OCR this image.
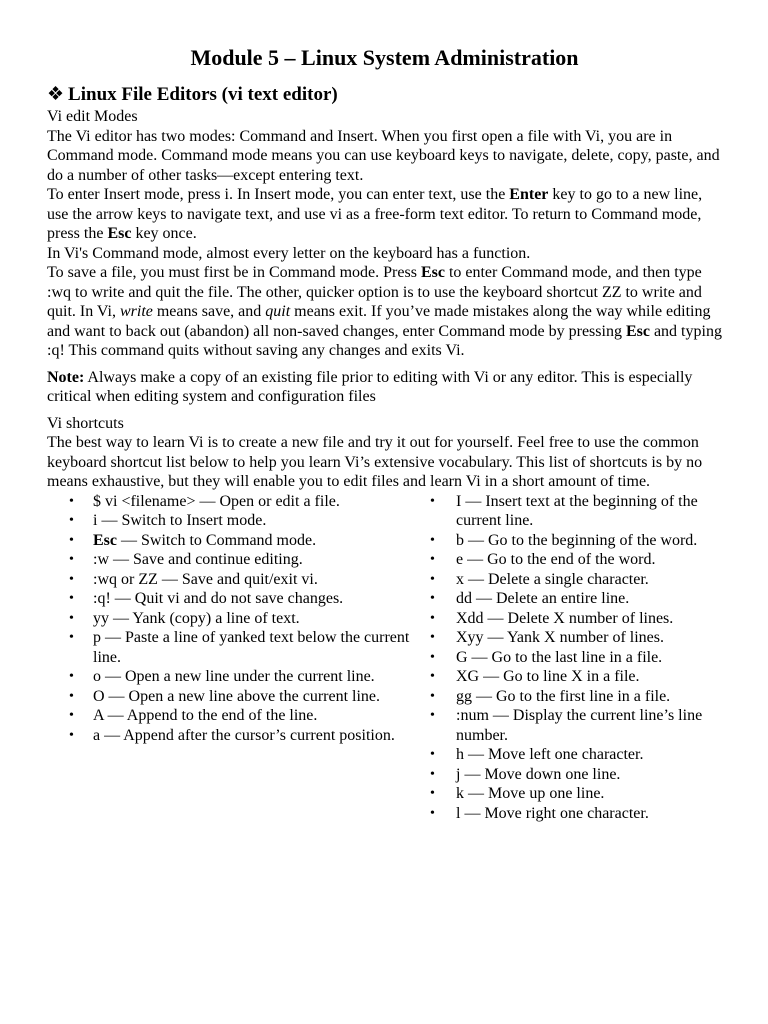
Module 5 – Linux System Administration
❖ Linux File Editors (vi text editor)

Vi edit Modes

The Vi editor has two modes: Command and Insert. When you first open a file with Vi, you are in Command mode. Command mode means you can use keyboard keys to navigate, delete, copy, paste, and do a number of other tasks—except entering text.

To enter Insert mode, press i. In Insert mode, you can enter text, use the Enter key to go to a new line, use the arrow keys to navigate text, and use vi as a free-form text editor. To return to Command mode, press the Esc key once.

In Vi's Command mode, almost every letter on the keyboard has a function.

To save a file, you must first be in Command mode. Press Esc to enter Command mode, and then type :wq to write and quit the file. The other, quicker option is to use the keyboard shortcut ZZ to write and quit. In Vi, write means save, and quit means exit. If you’ve made mistakes along the way while editing and want to back out (abandon) all non-saved changes, enter Command mode by pressing Esc and typing :q! This command quits without saving any changes and exits Vi.

Note: Always make a copy of an existing file prior to editing with Vi or any editor. This is especially critical when editing system and configuration files

Vi shortcuts

The best way to learn Vi is to create a new file and try it out for yourself. Feel free to use the common keyboard shortcut list below to help you learn Vi’s extensive vocabulary. This list of shortcuts is by no means exhaustive, but they will enable you to edit files and learn Vi in a short amount of time.

• $ vi <filename> — Open or edit a file.
• i — Switch to Insert mode.
• Esc — Switch to Command mode.
• :w — Save and continue editing.
• :wq or ZZ — Save and quit/exit vi.
• :q! — Quit vi and do not save changes.
• yy — Yank (copy) a line of text.
• p — Paste a line of yanked text below the current line.
• o — Open a new line under the current line.
• O — Open a new line above the current line.
• A — Append to the end of the line.
• a — Append after the cursor’s current position.
• I — Insert text at the beginning of the current line.
• b — Go to the beginning of the word.
• e — Go to the end of the word.
• x — Delete a single character.
• dd — Delete an entire line.
• Xdd — Delete X number of lines.
• Xyy — Yank X number of lines.
• G — Go to the last line in a file.
• XG — Go to line X in a file.
• gg — Go to the first line in a file.
• :num — Display the current line’s line number.
• h — Move left one character.
• j — Move down one line.
• k — Move up one line.
• l — Move right one character.
